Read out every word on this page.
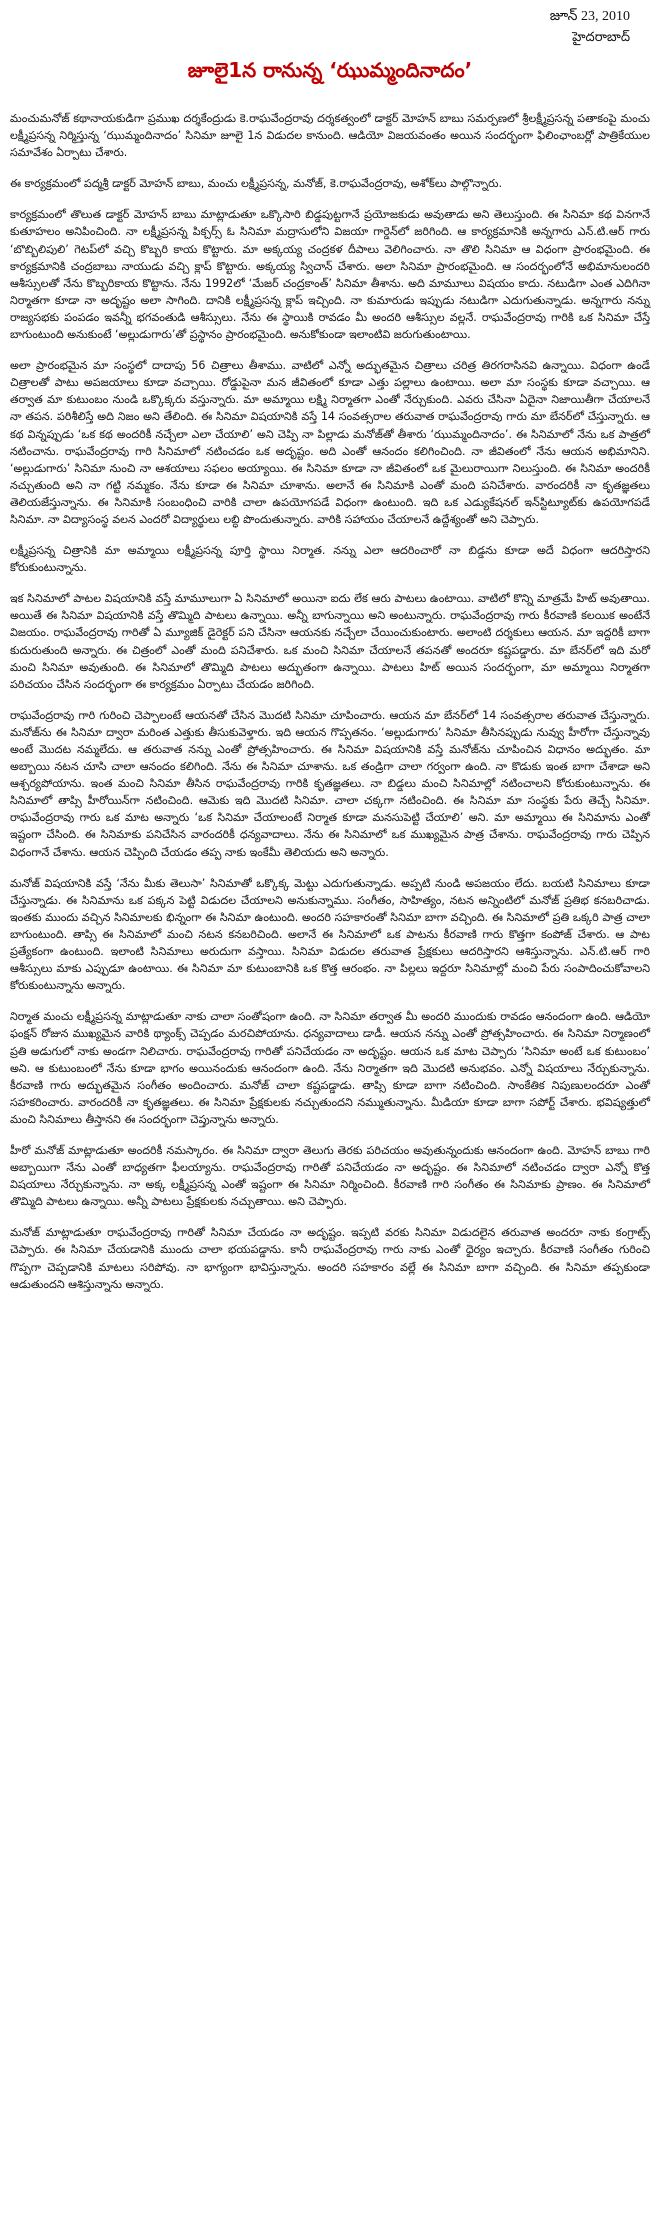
జూన్ 23, 2010
హైదరాబాద్
జూలై1న రానున్న ‘ఝుమ్మందినాదం’

మంచుమనోజ్ కథానాయకుడిగా ప్రముఖ దర్శకేంద్రుడు కె.రాఘవేంద్రరావు దర్శకత్వంలో డాక్టర్ మోహన్ బాబు సమర్పణలో శ్రీలక్ష్మీప్రసన్న పతాకంపై మంచు లక్ష్మీప్రసన్న నిర్మిస్తున్న ‘ఝుమ్మందినాదం’ సినిమా జూలై 1న విడుదల కానుంది. ఆడియో విజయవంతం అయిన సందర్భంగా ఫిలింఛాంబర్లో పాత్రికేయుల సమావేశం ఏర్పాటు చేశారు.

ఈ కార్యక్రమంలో పద్మశ్రీ డాక్టర్ మోహన్ బాబు, మంచు లక్ష్మీప్రసన్న, మనోజ్, కె.రాఘవేంద్రరావు, అశోక్‌లు పాల్గొన్నారు.

కార్యక్రమంలో తొలుత డాక్టర్ మోహన్ బాబు మాట్లాడుతూ ఒక్కొసారి బిడ్డపుట్టగానే ప్రయోజకుడు అవుతాడు అని తెలుస్తుంది. ఈ సినిమా కథ వినగానే కుతూహలం అనిపించింది. నా లక్ష్మీప్రసన్న పిక్చర్స్ ఓ సినిమా మద్రాసులోని విజయా గార్డెన్‌లో జరిగింది. ఆ కార్యక్రమానికి అన్నగారు ఎన్.టి.ఆర్ గారు ‘బొబ్బిలిపులి’ గెటప్‌లో వచ్చి కొబ్బరి కాయ కొట్టారు. మా అక్కయ్య చంద్రకళ దీపాలు వెలిగించారు. నా తొలి సినిమా ఆ విధంగా ప్రారంభమైంది. ఈ కార్యక్రమానికి చంద్రబాబు నాయుడు వచ్చి క్లాప్ కొట్టారు. అక్కయ్య స్విచాన్ చేశారు. అలా సినిమా ప్రారంభమైంది. ఆ సందర్భంలోనే అభిమానులందరి ఆశీస్సులతో నేను కొబ్బరికాయ కొట్టాను. నేను 1992లో ‘మేజర్ చంద్రకాంత్’ సినిమా తీశాను. అది మామూలు విషయం కాదు. నటుడిగా ఎంత ఎదిగినా నిర్మాతగా కూడా నా అదృష్టం అలా సాగింది. దానికి లక్ష్మీప్రసన్న క్లాప్ ఇచ్చింది. నా కుమారుడు ఇప్పుడు నటుడిగా ఎదుగుతున్నాడు. అన్నగారు నన్ను రాజ్యసభకు పంపడం ఇవన్నీ భగవంతుడి ఆశీస్సులు. నేను ఈ స్థాయికి రావడం మీ అందరి ఆశీస్సుల వల్లనే. రాఘవేంద్రరావు గారికి ఒక సినిమా చేస్తే బాగుంటుంది అనుకుంటే ‘అల్లుడుగారు’తో ప్రస్థానం ప్రారంభమైంది. అనుకోకుండా ఇలాంటివి జరుగుతుంటాయి.

అలా ప్రారంభమైన మా సంస్థలో దాదాపు 56 చిత్రాలు తీశాము. వాటిలో ఎన్నో అద్భుతమైన చిత్రాలు చరిత్ర తిరగరాసినవి ఉన్నాయి. విధంగా ఉండే చిత్రాలతో పాటు అపజయాలు కూడా వచ్చాయి. రోడ్డుపైనా మన జీవితంలో కూడా ఎత్తు పల్లాలు ఉంటాయి. అలా మా సంస్థకు కూడా వచ్చాయి. ఆ తర్వాత మా కుటుంబం నుండి ఒక్కొక్కరు వస్తున్నారు. మా అమ్మాయి లక్ష్మి నిర్మాతగా ఎంతో నేర్చుకుంది. ఎవరు చేసినా ఏదైనా నిజాయితీగా చేయాలనే నా తపన. పరిశీలిస్తే అది నిజం అని తేలింది. ఈ సినిమా విషయానికి వస్తే 14 సంవత్సరాల తరువాత రాఘవేంద్రరావు గారు మా బేనర్‌లో చేస్తున్నారు. ఆ కథ విన్నప్పుడు ‘ఒక కథ అందరికీ నచ్చేలా ఎలా చేయాలి’ అని చెప్పి నా పిల్లాడు మనోజ్‌తో తీశారు ‘ఝుమ్మందినాదం’. ఈ సినిమాలో నేను ఒక పాత్రలో నటించాను. రాఘవేంద్రరావు గారి సినిమాలో నటించడం ఒక అదృష్టం. అది ఎంతో ఆనందం కలిగించింది. నా జీవితంలో నేను ఆయన అభిమానిని. ‘అల్లుడుగారు’ సినిమా నుంచి నా ఆశయాలు సఫలం అయ్యాయి. ఈ సినిమా కూడా నా జీవితంలో ఒక మైలురాయిగా నిలుస్తుంది. ఈ సినిమా అందరికీ నచ్చుతుంది అని నా గట్టి నమ్మకం. నేను కూడా ఈ సినిమా చూశాను. అలానే ఈ సినిమాకి ఎంతో మంది పనిచేశారు. వారందరికీ నా కృతజ్ఞతలు తెలియజేస్తున్నాను. ఈ సినిమాకి సంబంధించి వారికి చాలా ఉపయోగపడే విధంగా ఉంటుంది. ఇది ఒక ఎడ్యుకేషనల్ ఇన్‌స్టిట్యూట్‌కు ఉపయోగపడే సినిమా. నా విద్యాసంస్థ వలన ఎందరో విద్యార్థులు లబ్ధి పొందుతున్నారు. వారికి సహాయం చేయాలనే ఉద్దేశ్యంతో అని చెప్పారు.

లక్ష్మీప్రసన్న చిత్రానికి మా అమ్మాయి లక్ష్మీప్రసన్న పూర్తి స్థాయి నిర్మాత. నన్ను ఎలా ఆదరించారో నా బిడ్డను కూడా అదే విధంగా ఆదరిస్తారని కోరుకుంటున్నాను.

ఇక సినిమాలో పాటల విషయానికి వస్తే మామూలుగా ఏ సినిమాలో అయినా ఐదు లేక ఆరు పాటలు ఉంటాయి. వాటిలో కొన్ని మాత్రమే హిట్ అవుతాయి. అయితే ఈ సినిమా విషయానికి వస్తే తొమ్మిది పాటలు ఉన్నాయి. అన్నీ బాగున్నాయి అని అంటున్నారు. రాఘవేంద్రరావు గారు కీరవాణి కలయిక అంటేనే విజయం. రాఘవేంద్రరావు గారితో ఏ మ్యూజిక్ డైరెక్టర్ పని చేసినా ఆయనకు నచ్చేలా చేయించుకుంటారు. అలాంటి దర్శకులు ఆయన. మా ఇద్దరికీ బాగా కుదురుతుంది అన్నారు. ఈ చిత్రంలో ఎంతో మంది పనిచేశారు. ఒక మంచి సినిమా చేయాలనే తపనతో అందరూ కష్టపడ్డారు. మా బేనర్‌లో ఇది మరో మంచి సినిమా అవుతుంది. ఈ సినిమాలో తొమ్మిది పాటలు అద్భుతంగా ఉన్నాయి. పాటలు హిట్ అయిన సందర్భంగా, మా అమ్మాయి నిర్మాతగా పరిచయం చేసిన సందర్భంగా ఈ కార్యక్రమం ఏర్పాటు చేయడం జరిగింది.

రాఘవేంద్రరావు గారి గురించి చెప్పాలంటే ఆయనతో చేసిన మొదటి సినిమా చూపించారు. ఆయన మా బేనర్‌లో 14 సంవత్సరాల తరువాత చేస్తున్నారు. మనోజ్‌ను ఈ సినిమా ద్వారా మరింత ఎత్తుకు తీసుకువెళ్తారు. ఇది ఆయన గొప్పతనం. ‘అల్లుడుగారు’ సినిమా తీసినప్పుడు నువ్వు హీరోగా చేస్తున్నావు అంటే మొదట నమ్మలేదు. ఆ తరువాత నన్ను ఎంతో ప్రోత్సహించారు. ఈ సినిమా విషయానికి వస్తే మనోజ్‌ను చూపించిన విధానం అద్భుతం. మా అబ్బాయి నటన చూసి చాలా ఆనందం కలిగింది. నేను ఈ సినిమా చూశాను. ఒక తండ్రిగా చాలా గర్వంగా ఉంది. నా కొడుకు ఇంత బాగా చేశాడా అని ఆశ్చర్యపోయాను. ఇంత మంచి సినిమా తీసిన రాఘవేంద్రరావు గారికి కృతజ్ఞతలు. నా బిడ్డలు మంచి సినిమాల్లో నటించాలని కోరుకుంటున్నాను. ఈ సినిమాలో తాప్సి హీరోయిన్‌గా నటించింది. ఆమెకు ఇది మొదటి సినిమా. చాలా చక్కగా నటించింది. ఈ సినిమా మా సంస్థకు పేరు తెచ్చే సినిమా. రాఘవేంద్రరావు గారు ఒక మాట అన్నారు ‘ఒక సినిమా చేయాలంటే నిర్మాత కూడా మనసుపెట్టి చేయాలి’ అని. మా అమ్మాయి ఈ సినిమాను ఎంతో ఇష్టంగా చేసింది. ఈ సినిమాకు పనిచేసిన వారందరికీ ధన్యవాదాలు. నేను ఈ సినిమాలో ఒక ముఖ్యమైన పాత్ర చేశాను. రాఘవేంద్రరావు గారు చెప్పిన విధంగానే చేశాను. ఆయన చెప్పింది చేయడం తప్ప నాకు ఇంకేమీ తెలియదు అని అన్నారు.

మనోజ్ విషయానికి వస్తే ‘నేను మీకు తెలుసా’ సినిమాతో ఒక్కొక్క మెట్టు ఎదుగుతున్నాడు. అప్పటి నుండి అపజయం లేదు. బయటి సినిమాలు కూడా చేస్తున్నాడు. ఈ సినిమాను ఒక పక్కన పెట్టి విడుదల చేయాలని అనుకున్నాము. సంగీతం, సాహిత్యం, నటన అన్నింటిలో మనోజ్ ప్రతిభ కనబరిచాడు. ఇంతకు ముందు వచ్చిన సినిమాలకు భిన్నంగా ఈ సినిమా ఉంటుంది. అందరి సహకారంతో సినిమా బాగా వచ్చింది. ఈ సినిమాలో ప్రతి ఒక్కరి పాత్ర చాలా బాగుంటుంది. తాప్సి ఈ సినిమాలో మంచి నటన కనబరిచింది. అలానే ఈ సినిమాలో ఒక పాటను కీరవాణి గారు కొత్తగా కంపోజ్ చేశారు. ఆ పాట ప్రత్యేకంగా ఉంటుంది. ఇలాంటి సినిమాలు అరుదుగా వస్తాయి. సినిమా విడుదల తరువాత ప్రేక్షకులు ఆదరిస్తారని ఆశిస్తున్నాను. ఎన్.టి.ఆర్ గారి ఆశీస్సులు మాకు ఎప్పుడూ ఉంటాయి. ఈ సినిమా మా కుటుంబానికి ఒక కొత్త ఆరంభం. నా పిల్లలు ఇద్దరూ సినిమాల్లో మంచి పేరు సంపాదించుకోవాలని కోరుకుంటున్నాను అన్నారు.

నిర్మాత మంచు లక్ష్మీప్రసన్న మాట్లాడుతూ నాకు చాలా సంతోషంగా ఉంది. నా సినిమా తర్వాత మీ అందరి ముందుకు రావడం ఆనందంగా ఉంది. ఆడియో ఫంక్షన్ రోజున ముఖ్యమైన వారికి థ్యాంక్స్ చెప్పడం మరచిపోయాను. ధన్యవాదాలు డాడీ. ఆయన నన్ను ఎంతో ప్రోత్సహించారు. ఈ సినిమా నిర్మాణంలో ప్రతి అడుగులో నాకు అండగా నిలిచారు. రాఘవేంద్రరావు గారితో పనిచేయడం నా అదృష్టం. ఆయన ఒక మాట చెప్పారు ‘సినిమా అంటే ఒక కుటుంబం’ అని. ఆ కుటుంబంలో నేను కూడా భాగం అయినందుకు ఆనందంగా ఉంది. నేను నిర్మాతగా ఇది మొదటి అనుభవం. ఎన్నో విషయాలు నేర్చుకున్నాను. కీరవాణి గారు అద్భుతమైన సంగీతం అందించారు. మనోజ్ చాలా కష్టపడ్డాడు. తాప్సి కూడా బాగా నటించింది. సాంకేతిక నిపుణులందరూ ఎంతో సహకరించారు. వారందరికీ నా కృతజ్ఞతలు. ఈ సినిమా ప్రేక్షకులకు నచ్చుతుందని నమ్ముతున్నాను. మీడియా కూడా బాగా సపోర్ట్ చేశారు. భవిష్యత్తులో మంచి సినిమాలు తీస్తానని ఈ సందర్భంగా చెప్తున్నాను అన్నారు.

హీరో మనోజ్ మాట్లాడుతూ అందరికీ నమస్కారం. ఈ సినిమా ద్వారా తెలుగు తెరకు పరిచయం అవుతున్నందుకు ఆనందంగా ఉంది. మోహన్ బాబు గారి అబ్బాయిగా నేను ఎంతో బాధ్యతగా ఫీలయ్యాను. రాఘవేంద్రరావు గారితో పనిచేయడం నా అదృష్టం. ఈ సినిమాలో నటించడం ద్వారా ఎన్నో కొత్త విషయాలు నేర్చుకున్నాను. నా అక్క లక్ష్మీప్రసన్న ఎంతో ఇష్టంగా ఈ సినిమా నిర్మించింది. కీరవాణి గారి సంగీతం ఈ సినిమాకు ప్రాణం. ఈ సినిమాలో తొమ్మిది పాటలు ఉన్నాయి. అన్నీ పాటలు ప్రేక్షకులకు నచ్చుతాయి. అని చెప్పారు.

మనోజ్ మాట్లాడుతూ రాఘవేంద్రరావు గారితో సినిమా చేయడం నా అదృష్టం. ఇప్పటి వరకు సినిమా విడుదలైన తరువాత అందరూ నాకు కంగ్రాట్స్ చెప్పారు. ఈ సినిమా చేయడానికి ముందు చాలా భయపడ్డాను. కానీ రాఘవేంద్రరావు గారు నాకు ఎంతో ధైర్యం ఇచ్చారు. కీరవాణి సంగీతం గురించి గొప్పగా చెప్పడానికి మాటలు సరిపోవు. నా భాగ్యంగా భావిస్తున్నాను. అందరి సహకారం వల్లే ఈ సినిమా బాగా వచ్చింది. ఈ సినిమా తప్పకుండా ఆడుతుందని ఆశిస్తున్నాను అన్నారు.
